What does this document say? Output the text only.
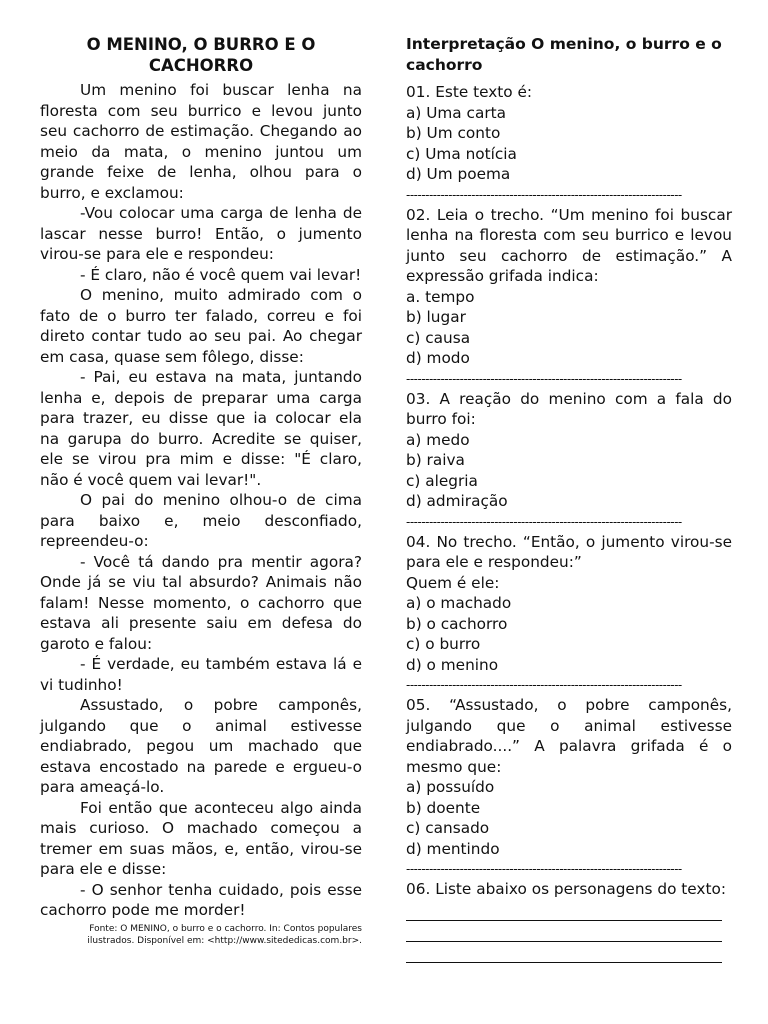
O MENINO, O BURRO E O CACHORRO

Um menino foi buscar lenha na floresta com seu burrico e levou junto seu cachorro de estimação. Chegando ao meio da mata, o menino juntou um grande feixe de lenha, olhou para o burro, e exclamou:

-Vou colocar uma carga de lenha de lascar nesse burro! Então, o jumento virou-se para ele e respondeu:

- É claro, não é você quem vai levar!

O menino, muito admirado com o fato de o burro ter falado, correu e foi direto contar tudo ao seu pai. Ao chegar em casa, quase sem fôlego, disse:

- Pai, eu estava na mata, juntando lenha e, depois de preparar uma carga para trazer, eu disse que ia colocar ela na garupa do burro. Acredite se quiser, ele se virou pra mim e disse: "É claro, não é você quem vai levar!".

O pai do menino olhou-o de cima para baixo e, meio desconfiado, repreendeu-o:

- Você tá dando pra mentir agora? Onde já se viu tal absurdo? Animais não falam! Nesse momento, o cachorro que estava ali presente saiu em defesa do garoto e falou:

- É verdade, eu também estava lá e vi tudinho!

Assustado, o pobre camponês, julgando que o animal estivesse endiabrado, pegou um machado que estava encostado na parede e ergueu-o para ameaçá-lo.

Foi então que aconteceu algo ainda mais curioso. O machado começou a tremer em suas mãos, e, então, virou-se para ele e disse:

- O senhor tenha cuidado, pois esse cachorro pode me morder!

Fonte: O MENINO, o burro e o cachorro. In: Contos populares
ilustrados. Disponível em: <http://www.sitededicas.com.br>.
Interpretação O menino, o burro e o cachorro

01. Este texto é:

a) Uma carta

b) Um conto

c) Uma notícia

d) Um poema

------------------------------------------------------------------------

02. Leia o trecho. “Um menino foi buscar lenha na floresta com seu burrico e levou junto seu cachorro de estimação.” A expressão grifada indica:

a. tempo

b) lugar

c) causa

d) modo

------------------------------------------------------------------------

03. A reação do menino com a fala do burro foi:

a) medo

b) raiva

c) alegria

d) admiração

------------------------------------------------------------------------

04. No trecho. “Então, o jumento virou-se para ele e respondeu:”

Quem é ele:

a) o machado

b) o cachorro

c) o burro

d) o menino

------------------------------------------------------------------------

05. “Assustado, o pobre camponês, julgando que o animal estivesse endiabrado....” A palavra grifada é o mesmo que:

a) possuído

b) doente

c) cansado

d) mentindo

------------------------------------------------------------------------

06. Liste abaixo os personagens do texto:
